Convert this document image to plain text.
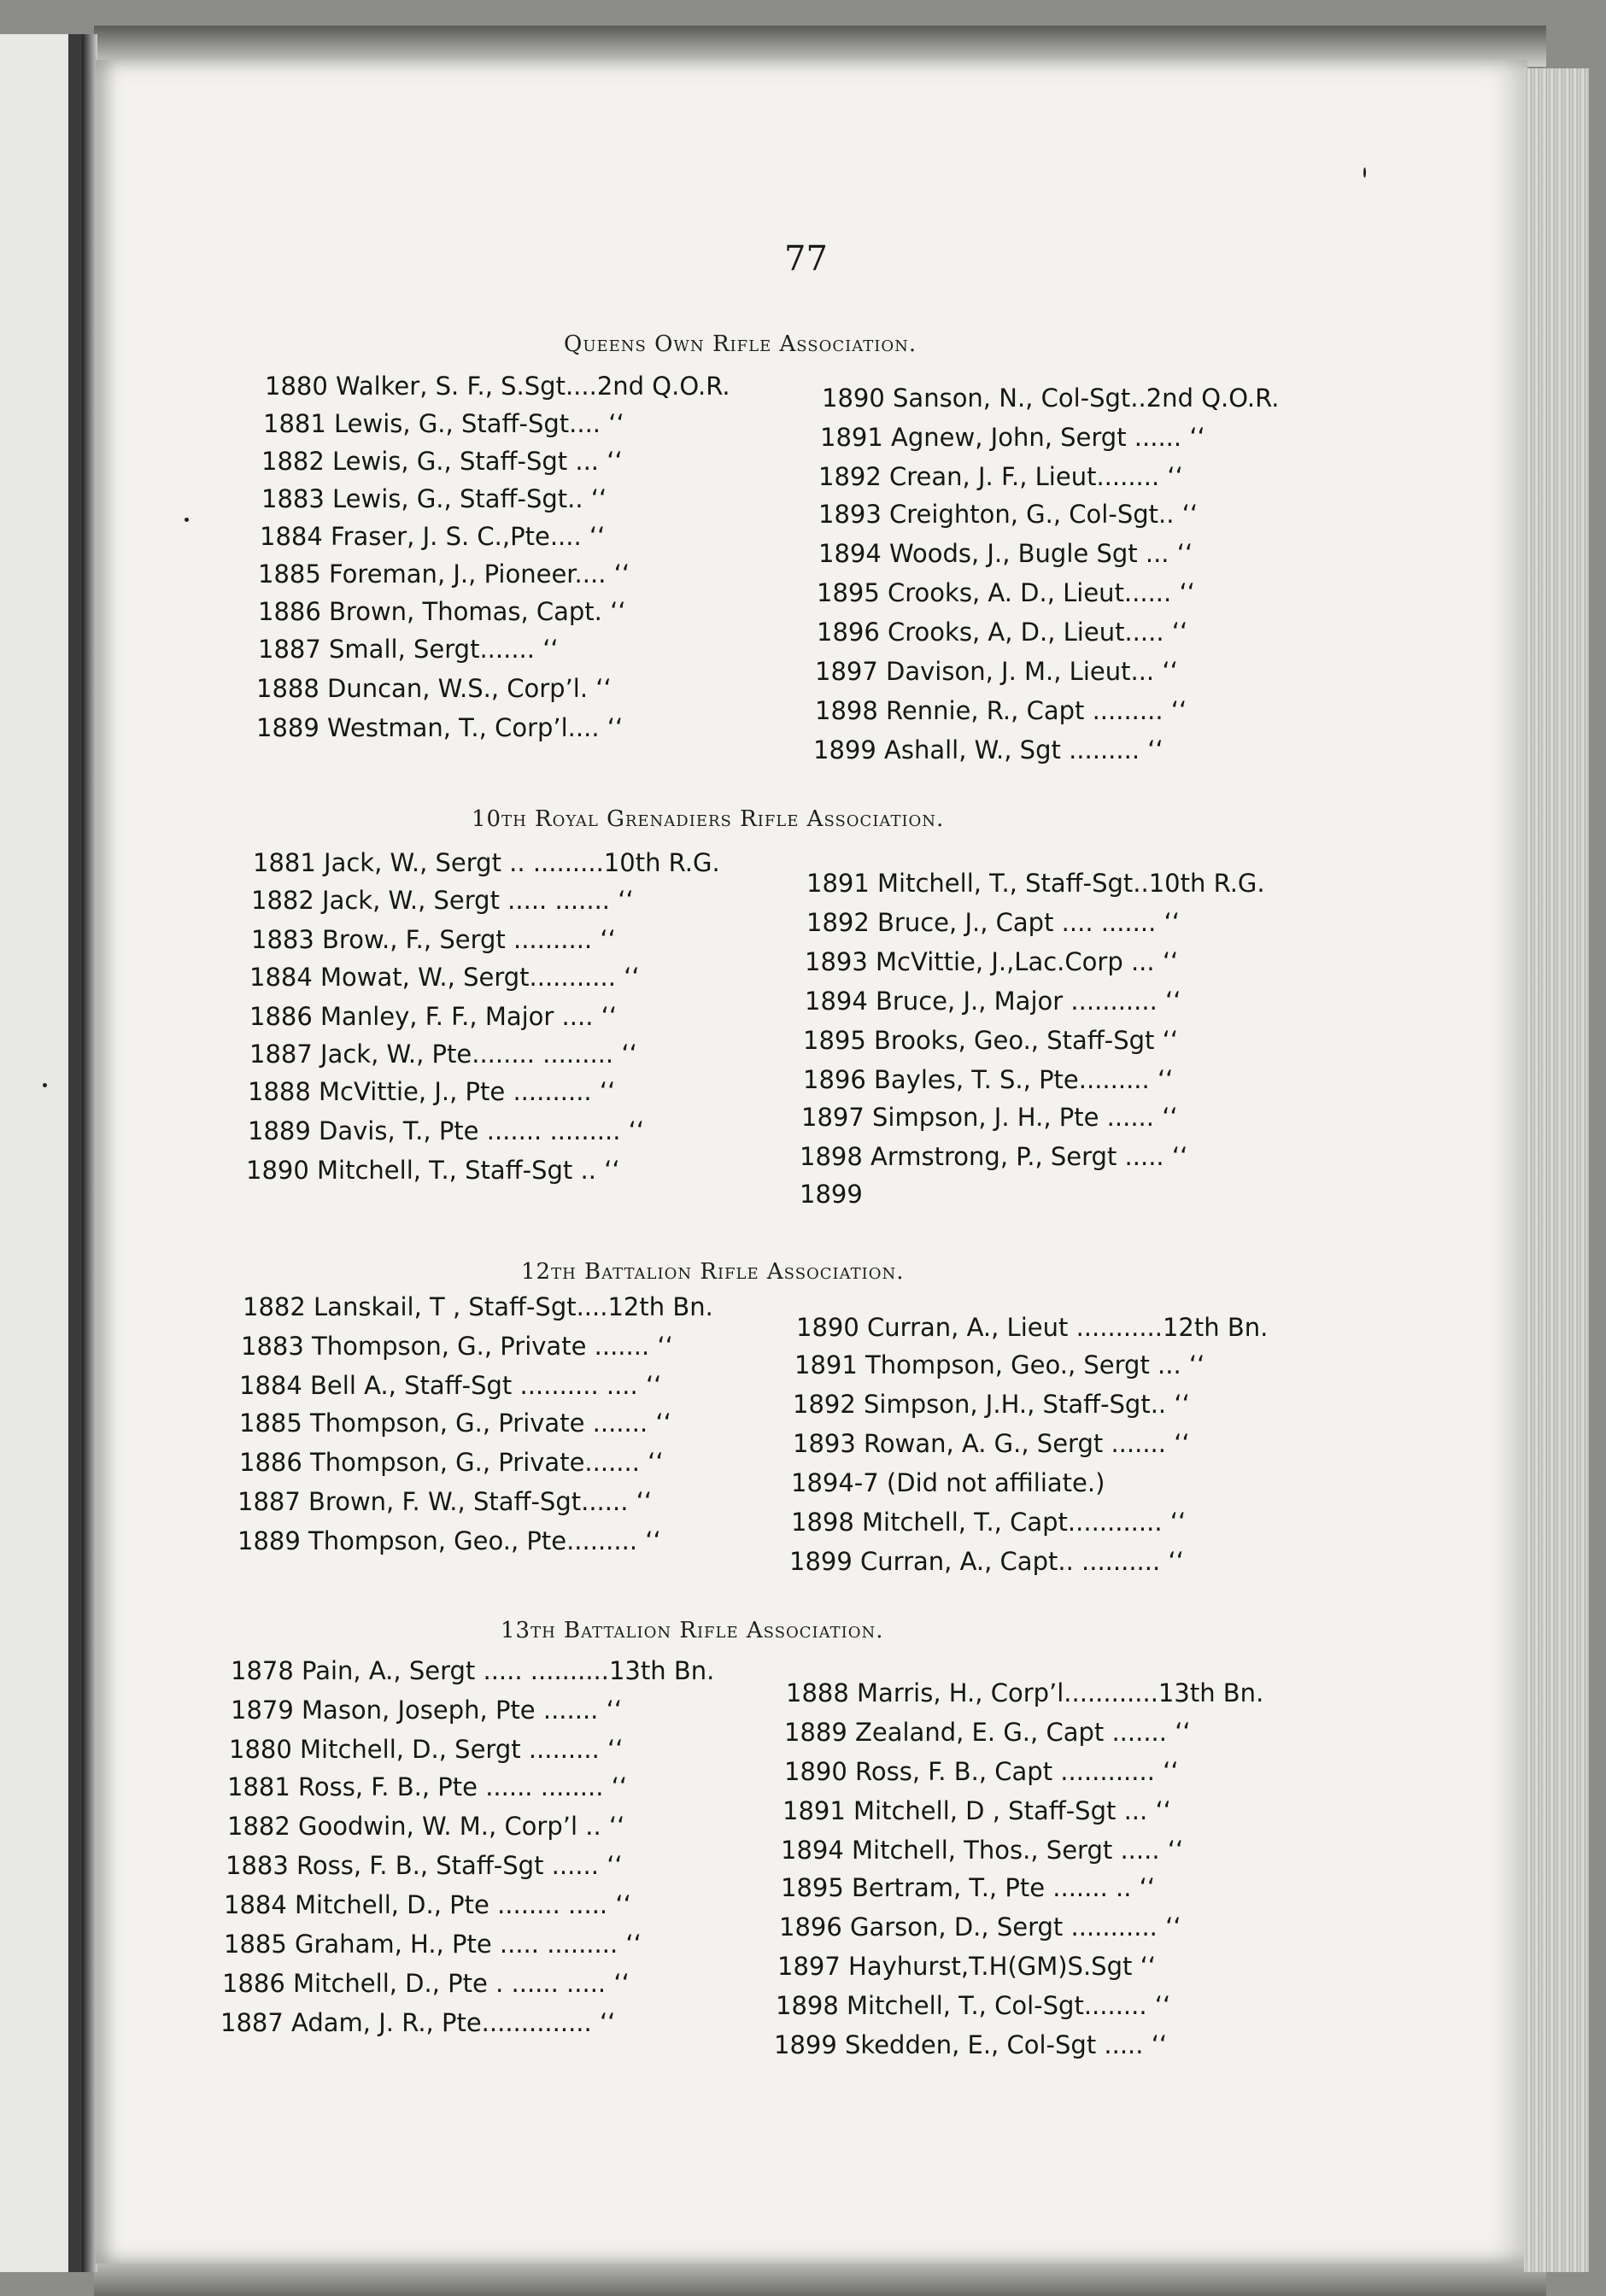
77
Queens Own Rifle Association.
1880 Walker, S. F., S.Sgt....2nd Q.O.R.
1881 Lewis, G., Staff-Sgt.... ‘‘
1882 Lewis, G., Staff-Sgt ... ‘‘
1883 Lewis, G., Staff-Sgt.. ‘‘
1884 Fraser, J. S. C.,Pte.... ‘‘
1885 Foreman, J., Pioneer.... ‘‘
1886 Brown, Thomas, Capt. ‘‘
1887 Small, Sergt....... ‘‘
1888 Duncan, W.S., Corp’l. ‘‘
1889 Westman, T., Corp’l.... ‘‘
1890 Sanson, N., Col-Sgt..2nd Q.O.R.
1891 Agnew, John, Sergt ...... ‘‘
1892 Crean, J. F., Lieut........ ‘‘
1893 Creighton, G., Col-Sgt.. ‘‘
1894 Woods, J., Bugle Sgt ... ‘‘
1895 Crooks, A. D., Lieut...... ‘‘
1896 Crooks, A, D., Lieut..... ‘‘
1897 Davison, J. M., Lieut... ‘‘
1898 Rennie, R., Capt ......... ‘‘
1899 Ashall, W., Sgt ......... ‘‘
10th Royal Grenadiers Rifle Association.
1881 Jack, W., Sergt .. .........10th R.G.
1882 Jack, W., Sergt ..... ....... ‘‘
1883 Brow., F., Sergt .......... ‘‘
1884 Mowat, W., Sergt........... ‘‘
1886 Manley, F. F., Major .... ‘‘
1887 Jack, W., Pte........ ......... ‘‘
1888 McVittie, J., Pte .......... ‘‘
1889 Davis, T., Pte ....... ......... ‘‘
1890 Mitchell, T., Staff-Sgt .. ‘‘
1891 Mitchell, T., Staff-Sgt..10th R.G.
1892 Bruce, J., Capt .... ....... ‘‘
1893 McVittie, J.,Lac.Corp ... ‘‘
1894 Bruce, J., Major ........... ‘‘
1895 Brooks, Geo., Staff-Sgt ‘‘
1896 Bayles, T. S., Pte......... ‘‘
1897 Simpson, J. H., Pte ...... ‘‘
1898 Armstrong, P., Sergt ..... ‘‘
1899
12th Battalion Rifle Association.
1882 Lanskail, T , Staff-Sgt....12th Bn.
1883 Thompson, G., Private ....... ‘‘
1884 Bell A., Staff-Sgt .......... .... ‘‘
1885 Thompson, G., Private ....... ‘‘
1886 Thompson, G., Private....... ‘‘
1887 Brown, F. W., Staff-Sgt...... ‘‘
1889 Thompson, Geo., Pte......... ‘‘
1890 Curran, A., Lieut ...........12th Bn.
1891 Thompson, Geo., Sergt ... ‘‘
1892 Simpson, J.H., Staff-Sgt.. ‘‘
1893 Rowan, A. G., Sergt ....... ‘‘
1894-7 (Did not affiliate.)
1898 Mitchell, T., Capt............ ‘‘
1899 Curran, A., Capt.. .......... ‘‘
13th Battalion Rifle Association.
1878 Pain, A., Sergt ..... ..........13th Bn.
1879 Mason, Joseph, Pte ....... ‘‘
1880 Mitchell, D., Sergt ......... ‘‘
1881 Ross, F. B., Pte ...... ........ ‘‘
1882 Goodwin, W. M., Corp’l .. ‘‘
1883 Ross, F. B., Staff-Sgt ...... ‘‘
1884 Mitchell, D., Pte ........ ..... ‘‘
1885 Graham, H., Pte ..... ......... ‘‘
1886 Mitchell, D., Pte . ...... ..... ‘‘
1887 Adam, J. R., Pte.............. ‘‘
1888 Marris, H., Corp’l............13th Bn.
1889 Zealand, E. G., Capt ....... ‘‘
1890 Ross, F. B., Capt ............ ‘‘
1891 Mitchell, D , Staff-Sgt ... ‘‘
1894 Mitchell, Thos., Sergt ..... ‘‘
1895 Bertram, T., Pte ....... .. ‘‘
1896 Garson, D., Sergt ........... ‘‘
1897 Hayhurst,T.H(GM)S.Sgt ‘‘
1898 Mitchell, T., Col-Sgt........ ‘‘
1899 Skedden, E., Col-Sgt ..... ‘‘
